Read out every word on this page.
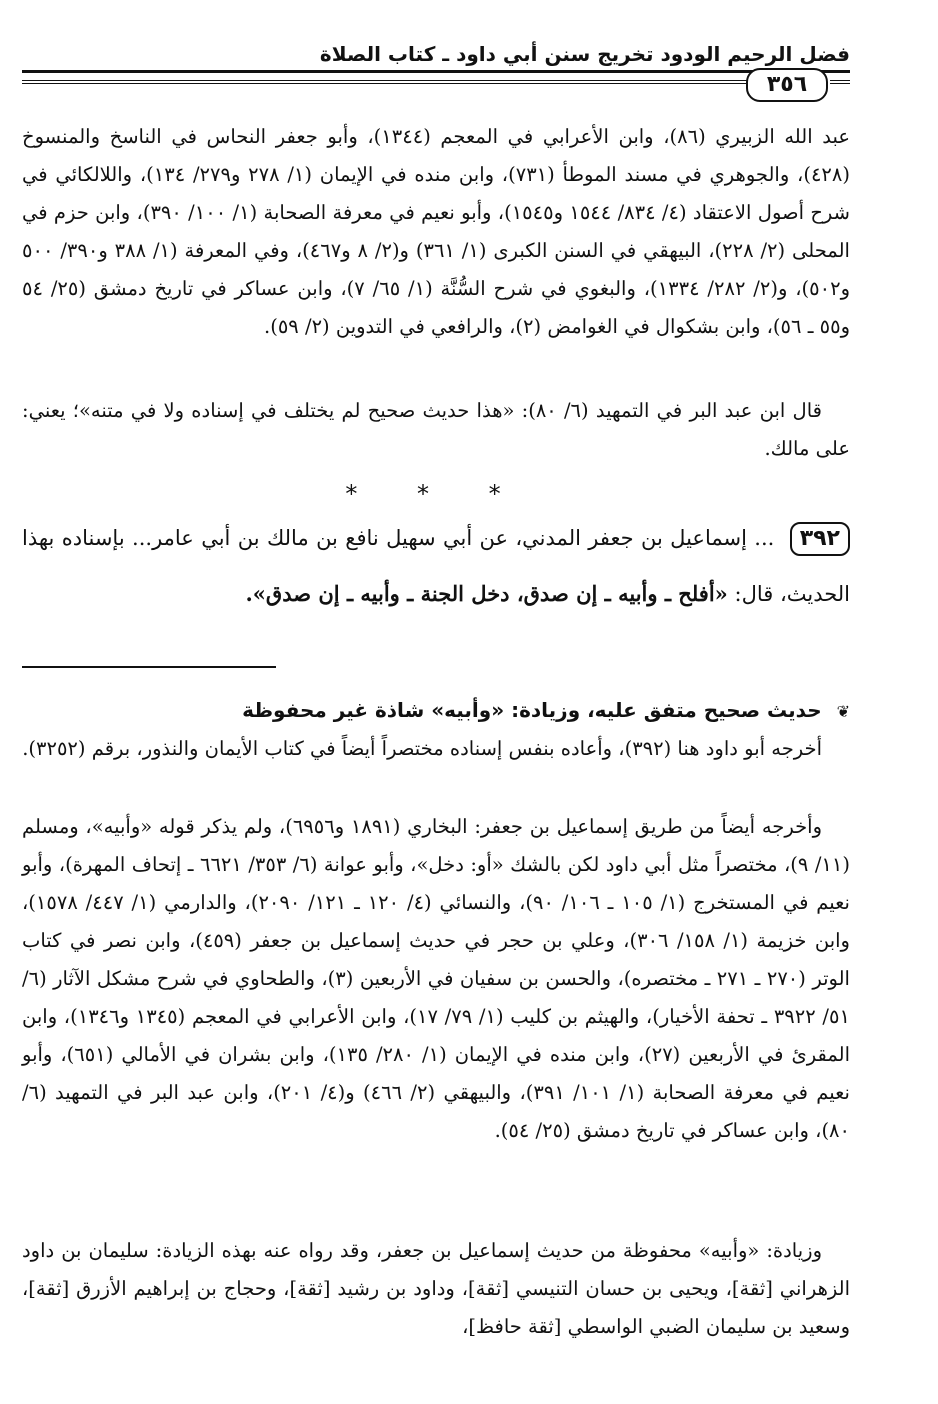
فضل الرحيم الودود تخريج سنن أبي داود ـ كتاب الصلاة
٣٥٦
عبد الله الزبيري (٨٦)، وابن الأعرابي في المعجم (١٣٤٤)، وأبو جعفر النحاس في الناسخ والمنسوخ (٤٢٨)، والجوهري في مسند الموطأ (٧٣١)، وابن منده في الإيمان (١/ ٢٧٨ و٢٧٩/ ١٣٤)، واللالكائي في شرح أصول الاعتقاد (٤/ ٨٣٤/ ١٥٤٤ و١٥٤٥)، وأبو نعيم في معرفة الصحابة (١/ ١٠٠/ ٣٩٠)، وابن حزم في المحلى (٢/ ٢٢٨)، البيهقي في السنن الكبرى (١/ ٣٦١) و(٢/ ٨ و٤٦٧)، وفي المعرفة (١/ ٣٨٨ و٣٩٠/ ٥٠٠ و٥٠٢)، و(٢/ ٢٨٢/ ١٣٣٤)، والبغوي في شرح السُّنَّة (١/ ٦٥/ ٧)، وابن عساكر في تاريخ دمشق (٢٥/ ٥٤ و٥٥ ـ ٥٦)، وابن بشكوال في الغوامض (٢)، والرافعي في التدوين (٢/ ٥٩).
قال ابن عبد البر في التمهيد (٦/ ٨٠): «هذا حديث صحيح لم يختلف في إسناده ولا في متنه»؛ يعني: على مالك.
* * *
٣٩٢ ... إسماعيل بن جعفر المدني، عن أبي سهيل نافع بن مالك بن أبي عامر... بإسناده بهذا الحديث، قال: «أفلح ـ وأبيه ـ إن صدق، دخل الجنة ـ وأبيه ـ إن صدق».
❦ حديث صحيح متفق عليه، وزيادة: «وأبيه» شاذة غير محفوظة
أخرجه أبو داود هنا (٣٩٢)، وأعاده بنفس إسناده مختصراً أيضاً في كتاب الأيمان والنذور، برقم (٣٢٥٢).
وأخرجه أيضاً من طريق إسماعيل بن جعفر: البخاري (١٨٩١ و٦٩٥٦)، ولم يذكر قوله «وأبيه»، ومسلم (١١/ ٩)، مختصراً مثل أبي داود لكن بالشك «أو: دخل»، وأبو عوانة (٦/ ٣٥٣/ ٦٦٢١ ـ إتحاف المهرة)، وأبو نعيم في المستخرج (١/ ١٠٥ ـ ١٠٦/ ٩٠)، والنسائي (٤/ ١٢٠ ـ ١٢١/ ٢٠٩٠)، والدارمي (١/ ٤٤٧/ ١٥٧٨)، وابن خزيمة (١/ ١٥٨/ ٣٠٦)، وعلي بن حجر في حديث إسماعيل بن جعفر (٤٥٩)، وابن نصر في كتاب الوتر (٢٧٠ ـ ٢٧١ ـ مختصره)، والحسن بن سفيان في الأربعين (٣)، والطحاوي في شرح مشكل الآثار (٦/ ٥١/ ٣٩٢٢ ـ تحفة الأخيار)، والهيثم بن كليب (١/ ٧٩/ ١٧)، وابن الأعرابي في المعجم (١٣٤٥ و١٣٤٦)، وابن المقرئ في الأربعين (٢٧)، وابن منده في الإيمان (١/ ٢٨٠/ ١٣٥)، وابن بشران في الأمالي (٦٥١)، وأبو نعيم في معرفة الصحابة (١/ ١٠١/ ٣٩١)، والبيهقي (٢/ ٤٦٦) و(٤/ ٢٠١)، وابن عبد البر في التمهيد (٦/ ٨٠)، وابن عساكر في تاريخ دمشق (٢٥/ ٥٤).
وزيادة: «وأبيه» محفوظة من حديث إسماعيل بن جعفر، وقد رواه عنه بهذه الزيادة: سليمان بن داود الزهراني [ثقة]، ويحيى بن حسان التنيسي [ثقة]، وداود بن رشيد [ثقة]، وحجاج بن إبراهيم الأزرق [ثقة]، وسعيد بن سليمان الضبي الواسطي [ثقة حافظ]،
